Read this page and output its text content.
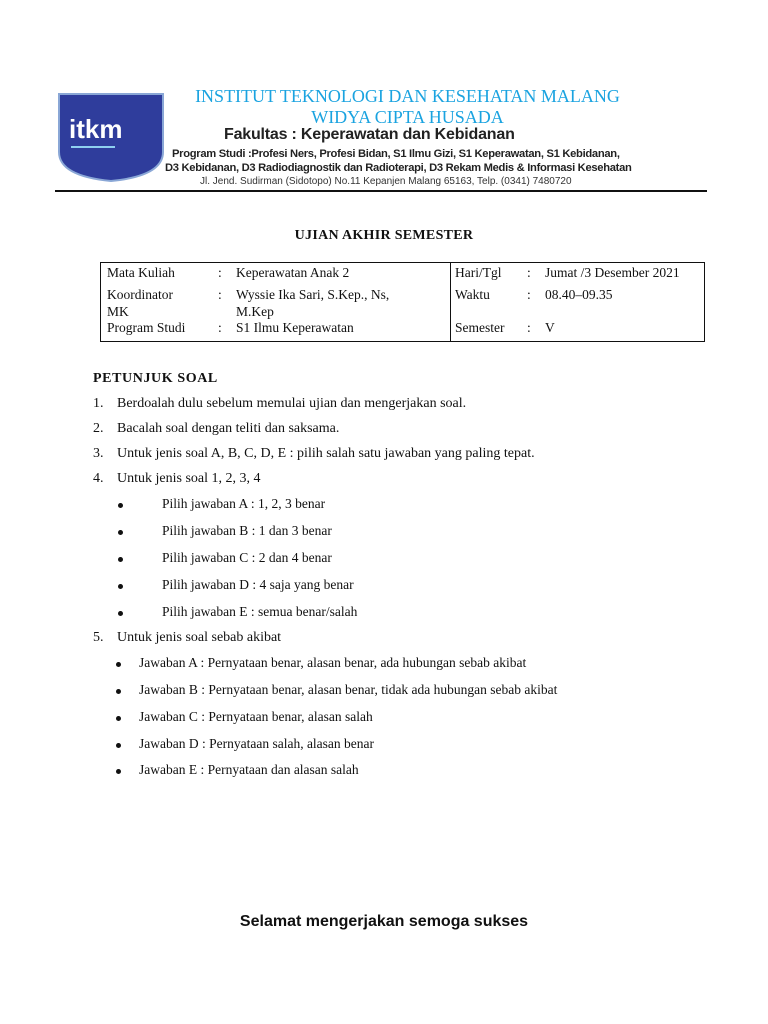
itkm
INSTITUT TEKNOLOGI DAN KESEHATAN MALANG
WIDYA CIPTA HUSADA
Fakultas : Keperawatan dan Kebidanan
Program Studi :Profesi Ners, Profesi Bidan, S1 Ilmu Gizi, S1 Keperawatan, S1 Kebidanan,
D3 Kebidanan, D3 Radiodiagnostik dan Radioterapi, D3 Rekam Medis & Informasi Kesehatan
Jl. Jend. Sudirman (Sidotopo) No.11 Kepanjen Malang 65163, Telp. (0341) 7480720
UJIAN AKHIR SEMESTER
Mata Kuliah	: Keperawatan Anak 2
Koordinator
MK
: Wyssie Ika Sari, S.Kep., Ns,
M.Kep
Program Studi : S1 Ilmu Keperawatan
Hari/Tgl : Jumat /3 Desember 2021
Waktu	: 08.40–09.35
Semester : V
PETUNJUK SOAL
1. Berdoalah dulu sebelum memulai ujian dan mengerjakan soal.
2. Bacalah soal dengan teliti dan saksama.
3. Untuk jenis soal A, B, C, D, E : pilih salah satu jawaban yang paling tepat.
4. Untuk jenis soal 1, 2, 3, 4
Pilih jawaban A : 1, 2, 3 benar
Pilih jawaban B : 1 dan 3 benar
Pilih jawaban C : 2 dan 4 benar
Pilih jawaban D : 4 saja yang benar
Pilih jawaban E : semua benar/salah
5. Untuk jenis soal sebab akibat
Jawaban A : Pernyataan benar, alasan benar, ada hubungan sebab akibat
Jawaban B : Pernyataan benar, alasan benar, tidak ada hubungan sebab akibat
Jawaban C : Pernyataan benar, alasan salah
Jawaban D : Pernyataan salah, alasan benar
Jawaban E : Pernyataan dan alasan salah
Selamat mengerjakan semoga sukses
